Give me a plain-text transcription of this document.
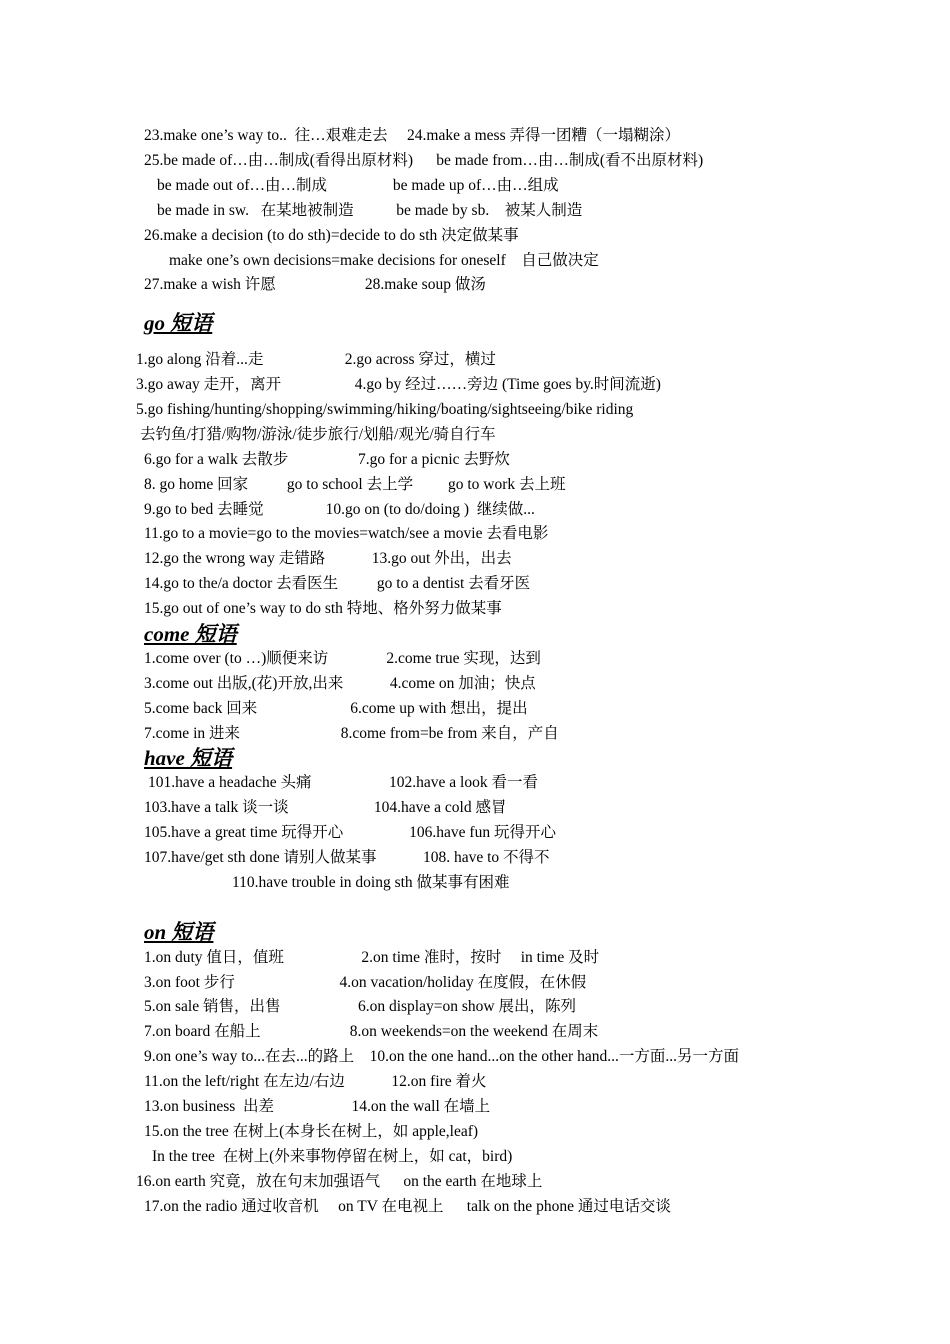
23.make one’s way to..  往…艰难走去     24.make a mess 弄得一团糟（一塌糊涂）
25.be made of…由…制成(看得出原材料)      be made from…由…制成(看不出原材料)
be made out of…由…制成                 be made up of…由…组成
be made in sw.   在某地被制造           be made by sb.    被某人制造
26.make a decision (to do sth)=decide to do sth 决定做某事
make one’s own decisions=make decisions for oneself    自己做决定
27.make a wish 许愿                       28.make soup 做汤
go 短语
1.go along 沿着...走                     2.go across 穿过，横过
3.go away 走开，离开                   4.go by 经过……旁边 (Time goes by.时间流逝)
5.go fishing/hunting/shopping/swimming/hiking/boating/sightseeing/bike riding
去钓鱼/打猎/购物/游泳/徒步旅行/划船/观光/骑自行车
6.go for a walk 去散步                  7.go for a picnic 去野炊
8. go home 回家          go to school 去上学         go to work 去上班
9.go to bed 去睡觉                10.go on (to do/doing )  继续做...
11.go to a movie=go to the movies=watch/see a movie 去看电影
12.go the wrong way 走错路            13.go out 外出，出去
14.go to the/a doctor 去看医生          go to a dentist 去看牙医
15.go out of one’s way to do sth 特地、格外努力做某事
come 短语
1.come over (to …)顺便来访               2.come true 实现，达到
3.come out 出版,(花)开放,出来            4.come on 加油；快点
5.come back 回来                        6.come up with 想出，提出
7.come in 进来                          8.come from=be from 来自，产自
have 短语
101.have a headache 头痛                    102.have a look 看一看
103.have a talk 谈一谈                      104.have a cold 感冒
105.have a great time 玩得开心                 106.have fun 玩得开心
107.have/get sth done 请别人做某事            108. have to 不得不
110.have trouble in doing sth 做某事有困难
on 短语
1.on duty 值日，值班                    2.on time 准时，按时     in time 及时
3.on foot 步行                           4.on vacation/holiday 在度假，在休假
5.on sale 销售，出售                    6.on display=on show 展出，陈列
7.on board 在船上                       8.on weekends=on the weekend 在周末
9.on one’s way to...在去...的路上    10.on the one hand...on the other hand...一方面...另一方面
11.on the left/right 在左边/右边            12.on fire 着火
13.on business  出差                    14.on the wall 在墙上
15.on the tree 在树上(本身长在树上，如 apple,leaf)
In the tree  在树上(外来事物停留在树上，如 cat，bird)
16.on earth 究竟，放在句末加强语气      on the earth 在地球上
17.on the radio 通过收音机     on TV 在电视上      talk on the phone 通过电话交谈
